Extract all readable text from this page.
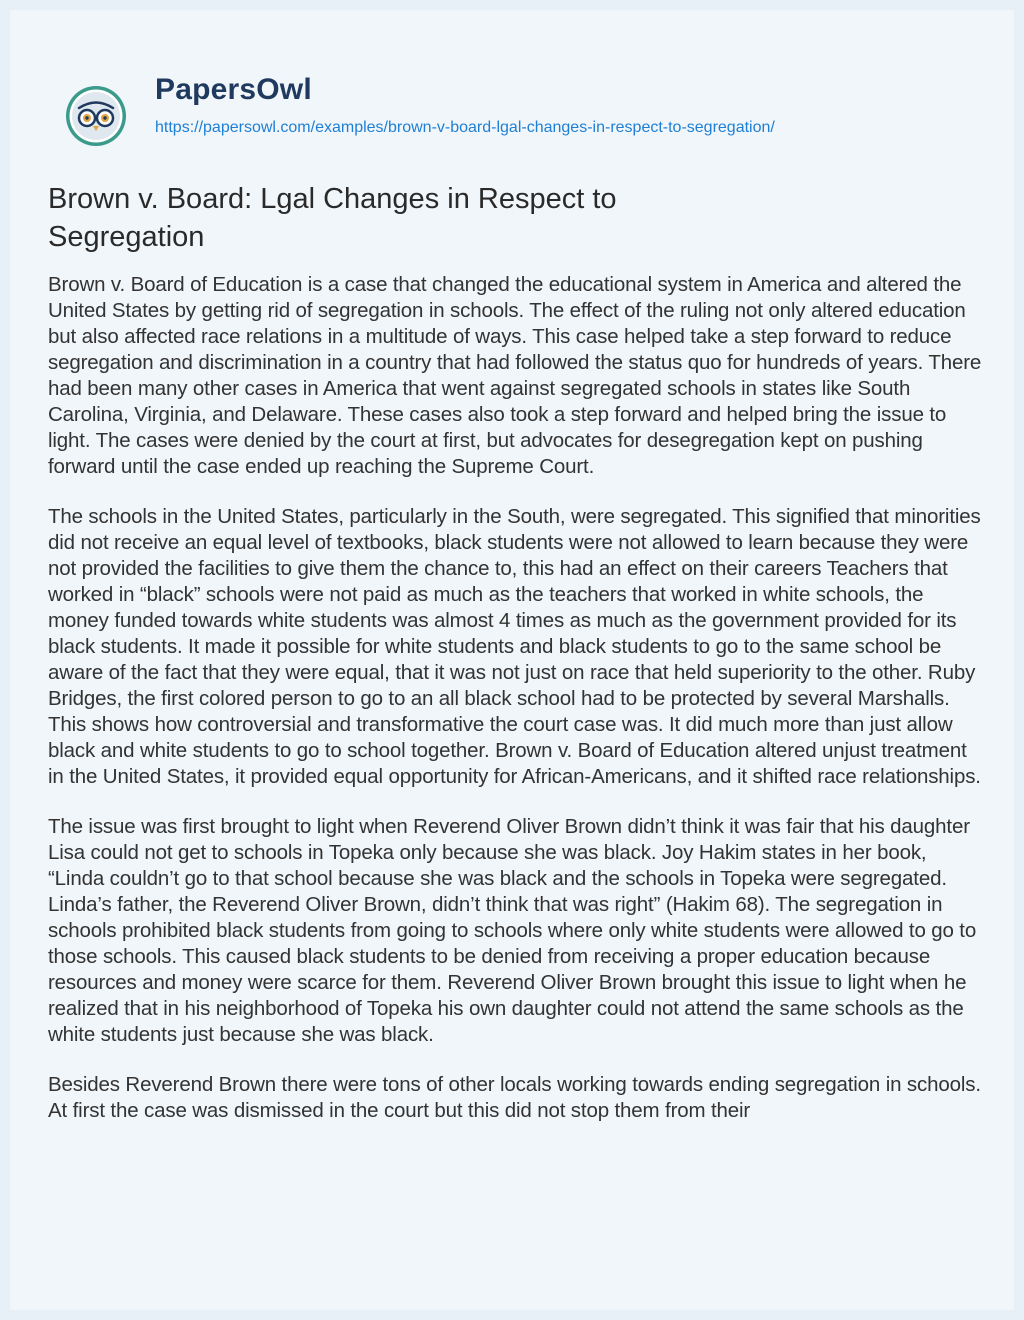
PapersOwl
https://papersowl.com/examples/brown-v-board-lgal-changes-in-respect-to-segregation/
Brown v. Board: Lgal Changes in Respect to Segregation

Brown v. Board of Education is a case that changed the educational system in America and altered the United States by getting rid of segregation in schools. The effect of the ruling not only altered education but also affected race relations in a multitude of ways. This case helped take a step forward to reduce segregation and discrimination in a country that had followed the status quo for hundreds of years. There had been many other cases in America that went against segregated schools in states like South Carolina, Virginia, and Delaware. These cases also took a step forward and helped bring the issue to light. The cases were denied by the court at first, but advocates for desegregation kept on pushing forward until the case ended up reaching the Supreme Court.

The schools in the United States, particularly in the South, were segregated. This signified that minorities did not receive an equal level of textbooks, black students were not allowed to learn because they were not provided the facilities to give them the chance to, this had an effect on their careers Teachers that worked in “black” schools were not paid as much as the teachers that worked in white schools, the money funded towards white students was almost 4 times as much as the government provided for its black students. It made it possible for white students and black students to go to the same school be aware of the fact that they were equal, that it was not just on race that held superiority to the other. Ruby Bridges, the first colored person to go to an all black school had to be protected by several Marshalls. This shows how controversial and transformative the court case was. It did much more than just allow black and white students to go to school together. Brown v. Board of Education altered unjust treatment in the United States, it provided equal opportunity for African-Americans, and it shifted race relationships.

The issue was first brought to light when Reverend Oliver Brown didn’t think it was fair that his daughter Lisa could not get to schools in Topeka only because she was black. Joy Hakim states in her book, “Linda couldn’t go to that school because she was black and the schools in Topeka were segregated. Linda’s father, the Reverend Oliver Brown, didn’t think that was right” (Hakim 68). The segregation in schools prohibited black students from going to schools where only white students were allowed to go to those schools. This caused black students to be denied from receiving a proper education because resources and money were scarce for them. Reverend Oliver Brown brought this issue to light when he realized that in his neighborhood of Topeka his own daughter could not attend the same schools as the white students just because she was black.

Besides Reverend Brown there were tons of other locals working towards ending segregation in schools. At first the case was dismissed in the court but this did not stop them from their
